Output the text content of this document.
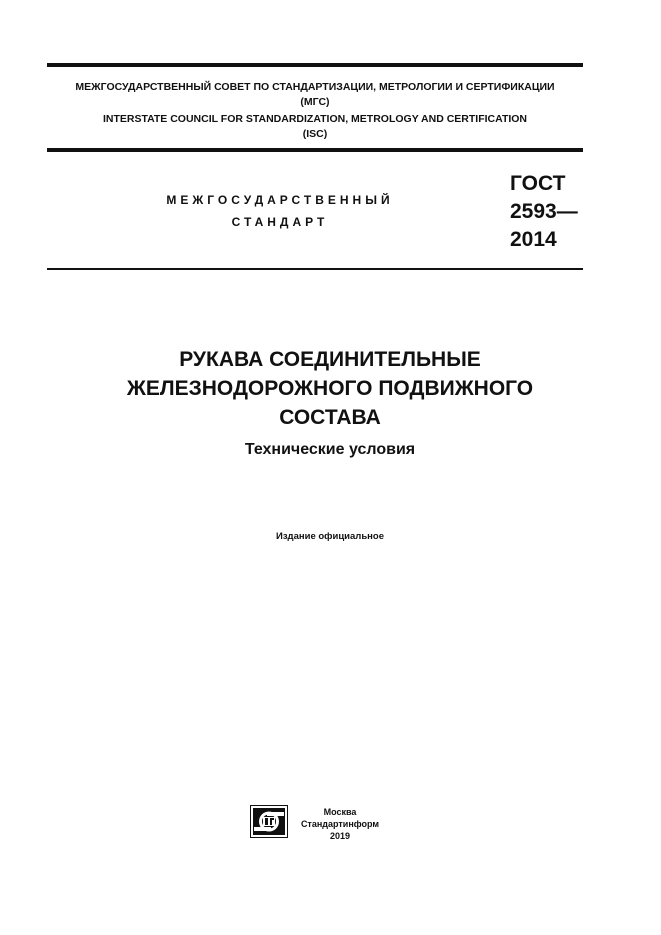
МЕЖГОСУДАРСТВЕННЫЙ СОВЕТ ПО СТАНДАРТИЗАЦИИ, МЕТРОЛОГИИ И СЕРТИФИКАЦИИ
(МГС)
INTERSTATE COUNCIL FOR STANDARDIZATION, METROLOGY AND CERTIFICATION
(ISC)
МЕЖГОСУДАРСТВЕННЫЙ
СТАНДАРТ
ГОСТ
2593—
2014
РУКАВА СОЕДИНИТЕЛЬНЫЕ
ЖЕЛЕЗНОДОРОЖНОГО ПОДВИЖНОГО
СОСТАВА
Технические условия
Издание официальное
Москва
Стандартинформ
2019
